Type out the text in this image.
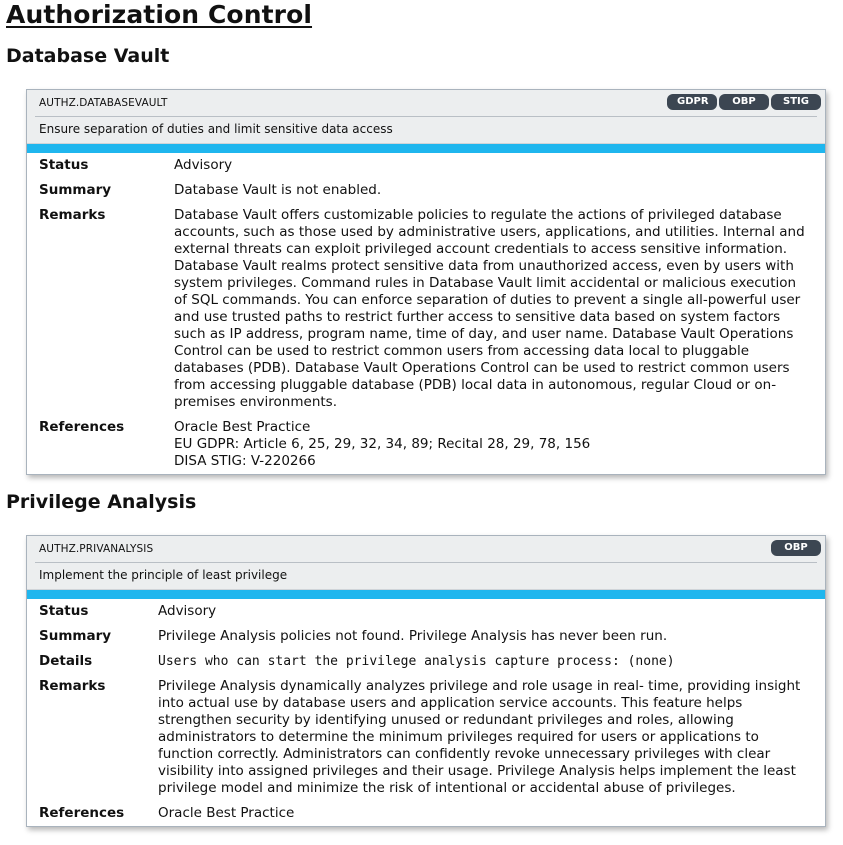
Authorization Control
Database Vault
AUTHZ.DATABASEVAULT	GDPR	OBP	STIG
Ensure separation of duties and limit sensitive data access
Status	Advisory
Summary	Database Vault is not enabled.
Remarks	Database Vault offers customizable policies to regulate the actions of privileged database accounts, such as those used by administrative users, applications, and utilities. Internal and external threats can exploit privileged account credentials to access sensitive information. Database Vault realms protect sensitive data from unauthorized access, even by users with system privileges. Command rules in Database Vault limit accidental or malicious execution of SQL commands. You can enforce separation of duties to prevent a single all-powerful user and use trusted paths to restrict further access to sensitive data based on system factors such as IP address, program name, time of day, and user name. Database Vault Operations Control can be used to restrict common users from accessing data local to pluggable databases (PDB). Database Vault Operations Control can be used to restrict common users from accessing pluggable database (PDB) local data in autonomous, regular Cloud or on-premises environments.
References	Oracle Best Practice
EU GDPR: Article 6, 25, 29, 32, 34, 89; Recital 28, 29, 78, 156
DISA STIG: V-220266
Privilege Analysis
AUTHZ.PRIVANALYSIS	OBP
Implement the principle of least privilege
Status	Advisory
Summary	Privilege Analysis policies not found. Privilege Analysis has never been run.
Details	Users who can start the privilege analysis capture process: (none)
Remarks	Privilege Analysis dynamically analyzes privilege and role usage in real- time, providing insight into actual use by database users and application service accounts. This feature helps strengthen security by identifying unused or redundant privileges and roles, allowing administrators to determine the minimum privileges required for users or applications to function correctly. Administrators can confidently revoke unnecessary privileges with clear visibility into assigned privileges and their usage. Privilege Analysis helps implement the least privilege model and minimize the risk of intentional or accidental abuse of privileges.
References	Oracle Best Practice
